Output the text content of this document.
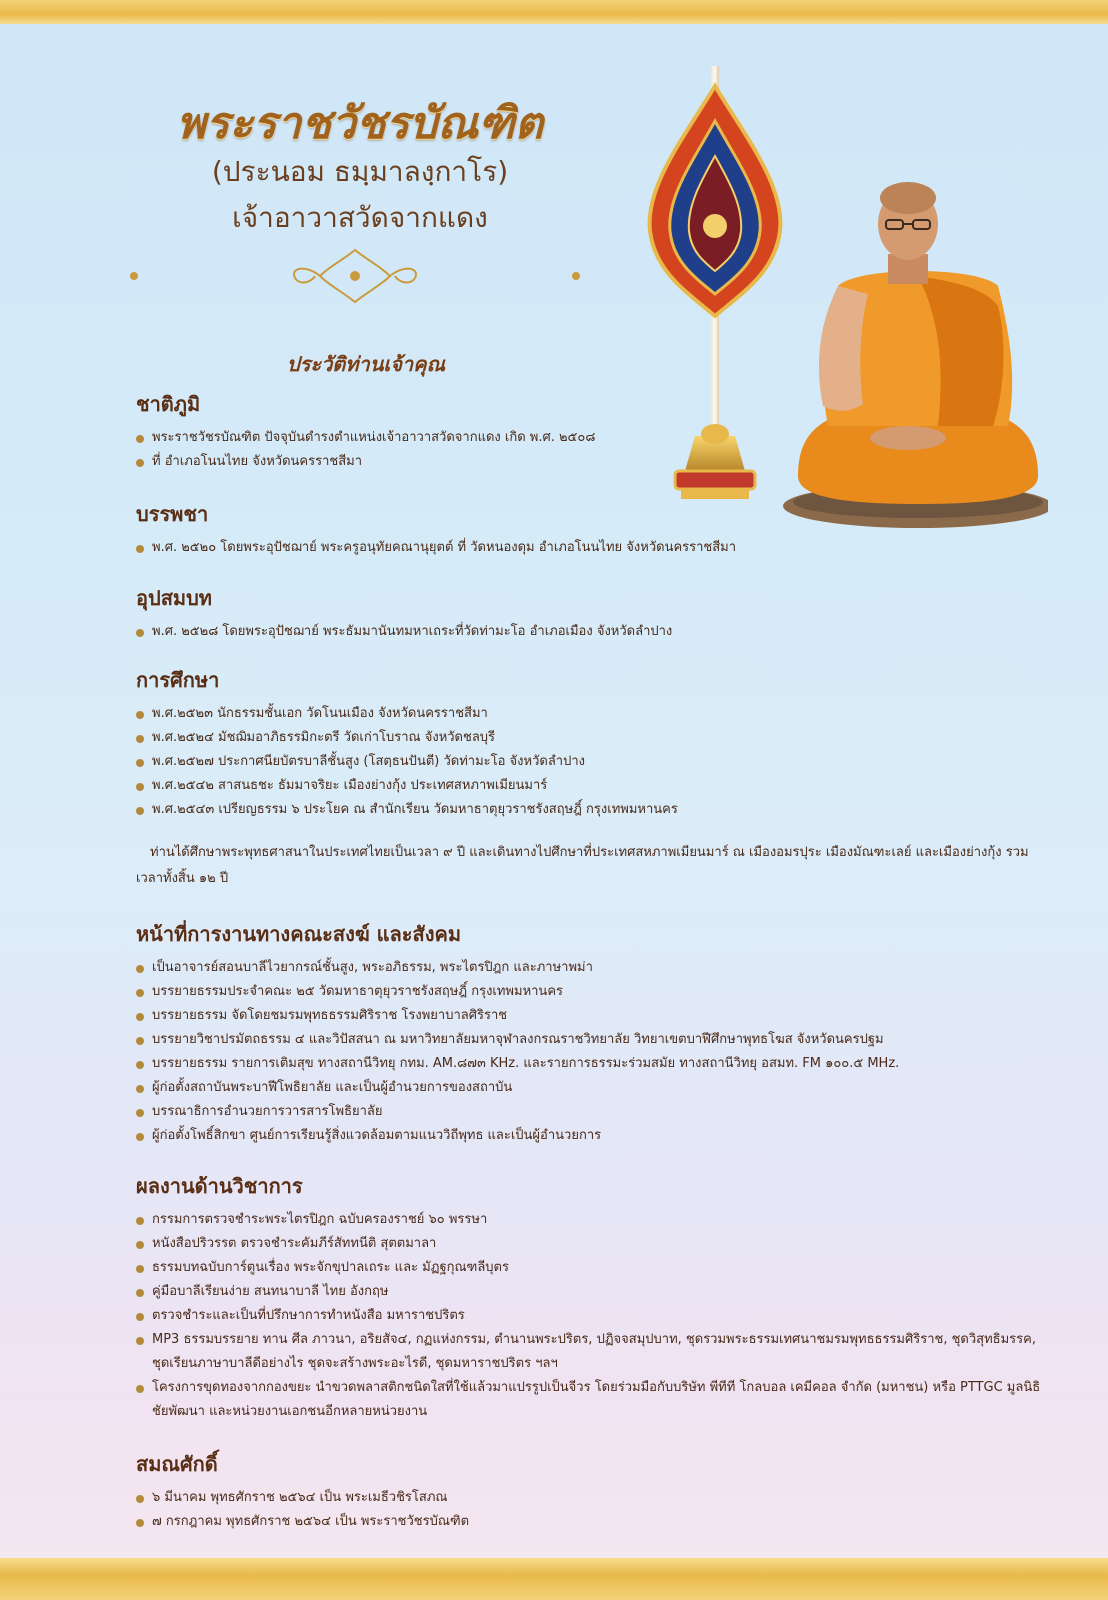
พระราชวัชรบัณฑิต
(ประนอม ธมฺมาลงฺกาโร)
เจ้าอาวาสวัดจากแดง
ประวัติท่านเจ้าคุณ
ชาติภูมิ
พระราชวัชรบัณฑิต ปัจจุบันดำรงตำแหน่งเจ้าอาวาสวัดจากแดง เกิด พ.ศ. ๒๕๐๘
ที่ อำเภอโนนไทย จังหวัดนครราชสีมา
บรรพชา
พ.ศ. ๒๕๒๐ โดยพระอุปัชฌาย์ พระครูอนุทัยคณานุยุตต์ ที่ วัดหนองดุม อำเภอโนนไทย จังหวัดนครราชสีมา
อุปสมบท
พ.ศ. ๒๕๒๘ โดยพระอุปัชฌาย์ พระธัมมานันทมหาเถระที่วัดท่ามะโอ อำเภอเมือง จังหวัดลำปาง
การศึกษา
พ.ศ.๒๕๒๓ นักธรรมชั้นเอก วัดโนนเมือง จังหวัดนครราชสีมา
พ.ศ.๒๕๒๔ มัชฌิมอาภิธรรมิกะตรี วัดเก่าโบราณ จังหวัดชลบุรี
พ.ศ.๒๕๒๗ ประกาศนียบัตรบาลีชั้นสูง (โสตฺธนปันตี) วัดท่ามะโอ จังหวัดลำปาง
พ.ศ.๒๕๔๒ สาสนธชะ ธัมมาจริยะ เมืองย่างกุ้ง ประเทศสหภาพเมียนมาร์
พ.ศ.๒๕๔๓ เปรียญธรรม ๖ ประโยค ณ สำนักเรียน วัดมหาธาตุยุวราชรังสฤษฎิ์ กรุงเทพมหานคร
ท่านได้ศึกษาพระพุทธศาสนาในประเทศไทยเป็นเวลา ๙ ปี และเดินทางไปศึกษาที่ประเทศสหภาพเมียนมาร์ ณ เมืองอมรปุระ เมืองมัณฑะเลย์ และเมืองย่างกุ้ง รวมเวลาทั้งสิ้น ๑๒ ปี
หน้าที่การงานทางคณะสงฆ์ และสังคม
เป็นอาจารย์สอนบาลีไวยากรณ์ชั้นสูง, พระอภิธรรม, พระไตรปิฎก และภาษาพม่า
บรรยายธรรมประจำคณะ ๒๕ วัดมหาธาตุยุวราชรังสฤษฎิ์ กรุงเทพมหานคร
บรรยายธรรม จัดโดยชมรมพุทธธรรมศิริราช โรงพยาบาลศิริราช
บรรยายวิชาปรมัตถธรรม ๔ และวิปัสสนา ณ มหาวิทยาลัยมหาจุฬาลงกรณราชวิทยาลัย วิทยาเขตบาฬีศึกษาพุทธโฆส จังหวัดนครปฐม
บรรยายธรรม รายการเติมสุข ทางสถานีวิทยุ กทม. AM.๘๗๓ KHz. และรายการธรรมะร่วมสมัย ทางสถานีวิทยุ อสมท. FM ๑๐๐.๕ MHz.
ผู้ก่อตั้งสถาบันพระบาฬีโพธิยาลัย และเป็นผู้อำนวยการของสถาบัน
บรรณาธิการอำนวยการวารสารโพธิยาลัย
ผู้ก่อตั้งโพธิ์สิกขา ศูนย์การเรียนรู้สิ่งแวดล้อมตามแนววิถีพุทธ และเป็นผู้อำนวยการ
ผลงานด้านวิชาการ
กรรมการตรวจชำระพระไตรปิฎก ฉบับครองราชย์ ๖๐ พรรษา
หนังสือปริวรรต ตรวจชำระคัมภีร์สัททนีติ สุตตมาลา
ธรรมบทฉบับการ์ตูนเรื่อง พระจักขุปาลเถระ และ มัฏฐกุณฑลีบุตร
คู่มือบาลีเรียนง่าย สนทนาบาลี ไทย อังกฤษ
ตรวจชำระและเป็นที่ปรึกษาการทำหนังสือ มหาราชปริตร
MP3 ธรรมบรรยาย ทาน ศีล ภาวนา, อริยสัจ๔, กฏแห่งกรรม, ตำนานพระปริตร, ปฏิจจสมุปบาท, ชุดรวมพระธรรมเทศนาชมรมพุทธธรรมศิริราช, ชุดวิสุทธิมรรค, ชุดเรียนภาษาบาลีดีอย่างไร ชุดจะสร้างพระอะไรดี, ชุดมหาราชปริตร ฯลฯ
โครงการขุดทองจากกองขยะ นำขวดพลาสติกชนิดใสที่ใช้แล้วมาแปรรูปเป็นจีวร โดยร่วมมือกับบริษัท พีทีที โกลบอล เคมีคอล จำกัด (มหาชน) หรือ PTTGC มูลนิธิชัยพัฒนา และหน่วยงานเอกชนอีกหลายหน่วยงาน
สมณศักดิ์
๖ มีนาคม พุทธศักราช ๒๕๖๔ เป็น พระเมธีวชิรโสภณ
๗ กรกฎาคม พุทธศักราช ๒๕๖๔ เป็น พระราชวัชรบัณฑิต
